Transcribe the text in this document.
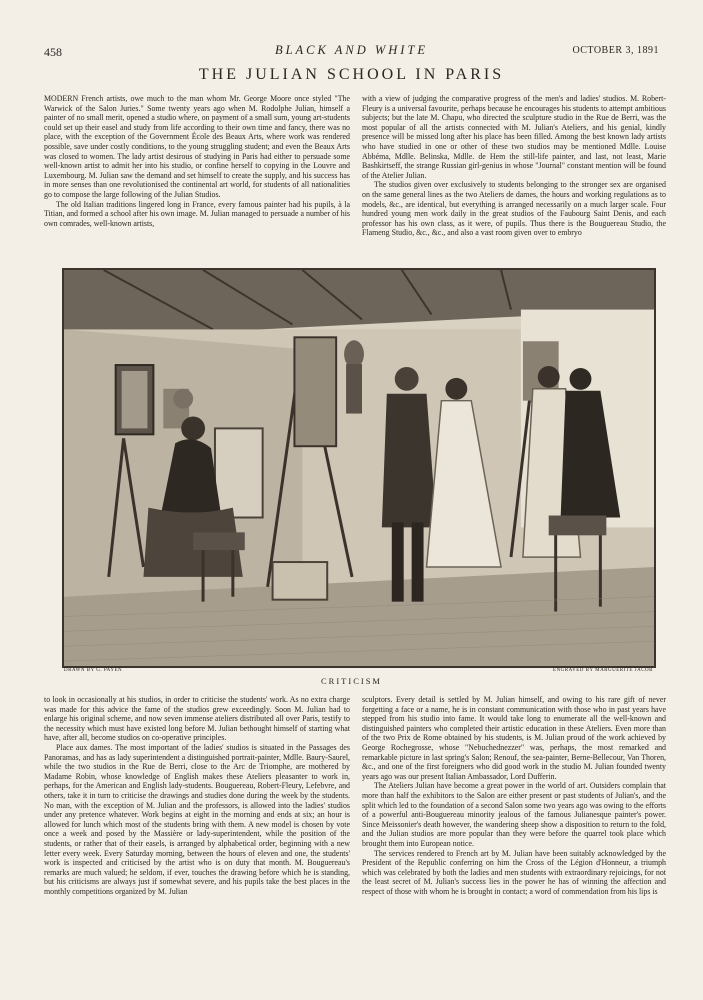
458	BLACK AND WHITE	OCTOBER 3, 1891
THE JULIAN SCHOOL IN PARIS

MODERN French artists, owe much to the man whom Mr. George Moore once styled "The Warwick of the Salon Juries." Some twenty years ago when M. Rodolphe Julian, himself a painter of no small merit, opened a studio where, on payment of a small sum, young art-students could set up their easel and study from life according to their own time and fancy, there was no place, with the exception of the Government École des Beaux Arts, where work was rendered possible, save under costly conditions, to the young struggling student; and even the Beaux Arts was closed to women. The lady artist desirous of studying in Paris had either to persuade some well-known artist to admit her into his studio, or confine herself to copying in the Louvre and Luxembourg. M. Julian saw the demand and set himself to create the supply, and his success has in more senses than one revolutionised the continental art world, for students of all nationalities go to compose the large following of the Julian Studios.

The old Italian traditions lingered long in France, every famous painter had his pupils, à la Titian, and formed a school after his own image. M. Julian managed to persuade a number of his own comrades, well-known artists,

with a view of judging the comparative progress of the men's and ladies' studios. M. Robert-Fleury is a universal favourite, perhaps because he encourages his students to attempt ambitious subjects; but the late M. Chapu, who directed the sculpture studio in the Rue de Berri, was the most popular of all the artists connected with M. Julian's Ateliers, and his genial, kindly presence will be missed long after his place has been filled. Among the best known lady artists who have studied in one or other of these two studios may be mentioned Mdlle. Louise Abbéma, Mdlle. Belinska, Mdlle. de Hem the still-life painter, and last, not least, Marie Bashkirtseff, the strange Russian girl-genius in whose "Journal" constant mention will be found of the Atelier Julian.

The studios given over exclusively to students belonging to the stronger sex are organised on the same general lines as the two Ateliers de dames, the hours and working regulations as to models, &c., are identical, but everything is arranged necessarily on a much larger scale. Four hundred young men work daily in the great studios of the Faubourg Saint Denis, and each professor has his own class, as it were, of pupils. Thus there is the Bouguereau Studio, the Flameng Studio, &c., &c., and also a vast room given over to embryo

DRAWN BY G. PAYEN	ENGRAVED BY MARGUERITE JACOB
CRITICISM

to look in occasionally at his studios, in order to criticise the students' work. As no extra charge was made for this advice the fame of the studios grew exceedingly. Soon M. Julian had to enlarge his original scheme, and now seven immense ateliers distributed all over Paris, testify to the necessity which must have existed long before M. Julian bethought himself of starting what have, after all, become studios on co-operative principles.

Place aux dames. The most important of the ladies' studios is situated in the Passages des Panoramas, and has as lady superintendent a distinguished portrait-painter, Mdlle. Baury-Saurel, while the two studios in the Rue de Berri, close to the Arc de Triomphe, are mothered by Madame Robin, whose knowledge of English makes these Ateliers pleasanter to work in, perhaps, for the American and English lady-students. Bouguereau, Robert-Fleury, Lefebvre, and others, take it in turn to criticise the drawings and studies done during the week by the students. No man, with the exception of M. Julian and the professors, is allowed into the ladies' studios under any pretence whatever. Work begins at eight in the morning and ends at six; an hour is allowed for lunch which most of the students bring with them. A new model is chosen by vote once a week and posed by the Massière or lady-superintendent, while the position of the students, or rather that of their easels, is arranged by alphabetical order, beginning with a new letter every week. Every Saturday morning, between the hours of eleven and one, the students' work is inspected and criticised by the artist who is on duty that month. M. Bouguereau's remarks are much valued; he seldom, if ever, touches the drawing before which he is standing, but his criticisms are always just if somewhat severe, and his pupils take the best places in the monthly competitions organized by M. Julian

sculptors. Every detail is settled by M. Julian himself, and owing to his rare gift of never forgetting a face or a name, he is in constant communication with those who in past years have stepped from his studio into fame. It would take long to enumerate all the well-known and distinguished painters who completed their artistic education in these Ateliers. Even more than of the two Prix de Rome obtained by his students, is M. Julian proud of the work achieved by George Rochegrosse, whose "Nebuchednezzer" was, perhaps, the most remarked and remarkable picture in last spring's Salon; Renouf, the sea-painter, Berne-Bellecour, Van Thoren, &c., and one of the first foreigners who did good work in the studio M. Julian founded twenty years ago was our present Italian Ambassador, Lord Dufferin.

The Ateliers Julian have become a great power in the world of art. Outsiders complain that more than half the exhibitors to the Salon are either present or past students of Julian's, and the split which led to the foundation of a second Salon some two years ago was owing to the efforts of a powerful anti-Bouguereau minority jealous of the famous Julianesque painter's power. Since Meissonier's death however, the wandering sheep show a disposition to return to the fold, and the Julian studios are more popular than they were before the quarrel took place which brought them into European notice.

The services rendered to French art by M. Julian have been suitably acknowledged by the President of the Republic conferring on him the Cross of the Légion d'Honneur, a triumph which was celebrated by both the ladies and men students with extraordinary rejoicings, for not the least secret of M. Julian's success lies in the power he has of winning the affection and respect of those with whom he is brought in contact; a word of commendation from his lips is
